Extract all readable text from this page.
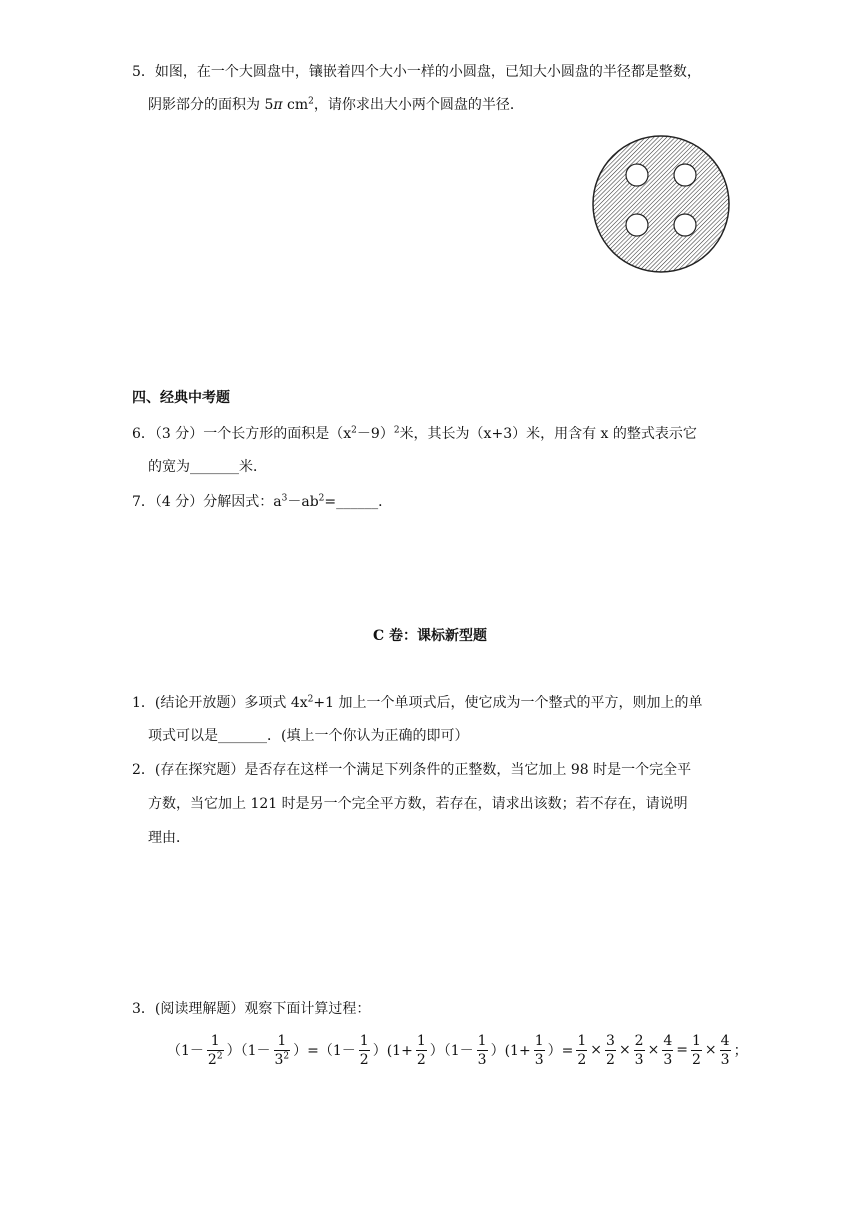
5．如图，在一个大圆盘中，镶嵌着四个大小一样的小圆盘，已知大小圆盘的半径都是整数，
阴影部分的面积为 5π $cm^2$，请你求出大小两个圆盘的半径．
四、经典中考题
6．（3 分）一个长方形的面积是$(x^2-9)^2$米，其长为（x+3）米，用含有 x 的整式表示它
的宽为_______米．
7．（4 分）分解因式：$a^3-ab^2=\_\_\_\_\_\_$．
C 卷：课标新型题
1．(结论开放题）多项式 $4x^2+1$ 加上一个单项式后，使它成为一个整式的平方，则加上的单
项式可以是_______．(填上一个你认为正确的即可）
2．(存在探究题）是否存在这样一个满足下列条件的正整数，当它加上 98 时是一个完全平
方数，当它加上 121 时是另一个完全平方数，若存在，请求出该数；若不存在，请说明
理由．
3．(阅读理解题）观察下面计算过程：
$(1- \frac{1}{2^2} )(1- \frac{1}{3^2} )=(1- \frac{1}{2} )(1+ \frac{1}{2} )(1- \frac{1}{3} )(1+ \frac{1}{3}$ ）= $\frac{1}{2} \times \frac{3}{2} \times \frac{2}{3} \times \frac{4}{3} = \frac{1}{2} \times \frac{4}{3}$ ；
